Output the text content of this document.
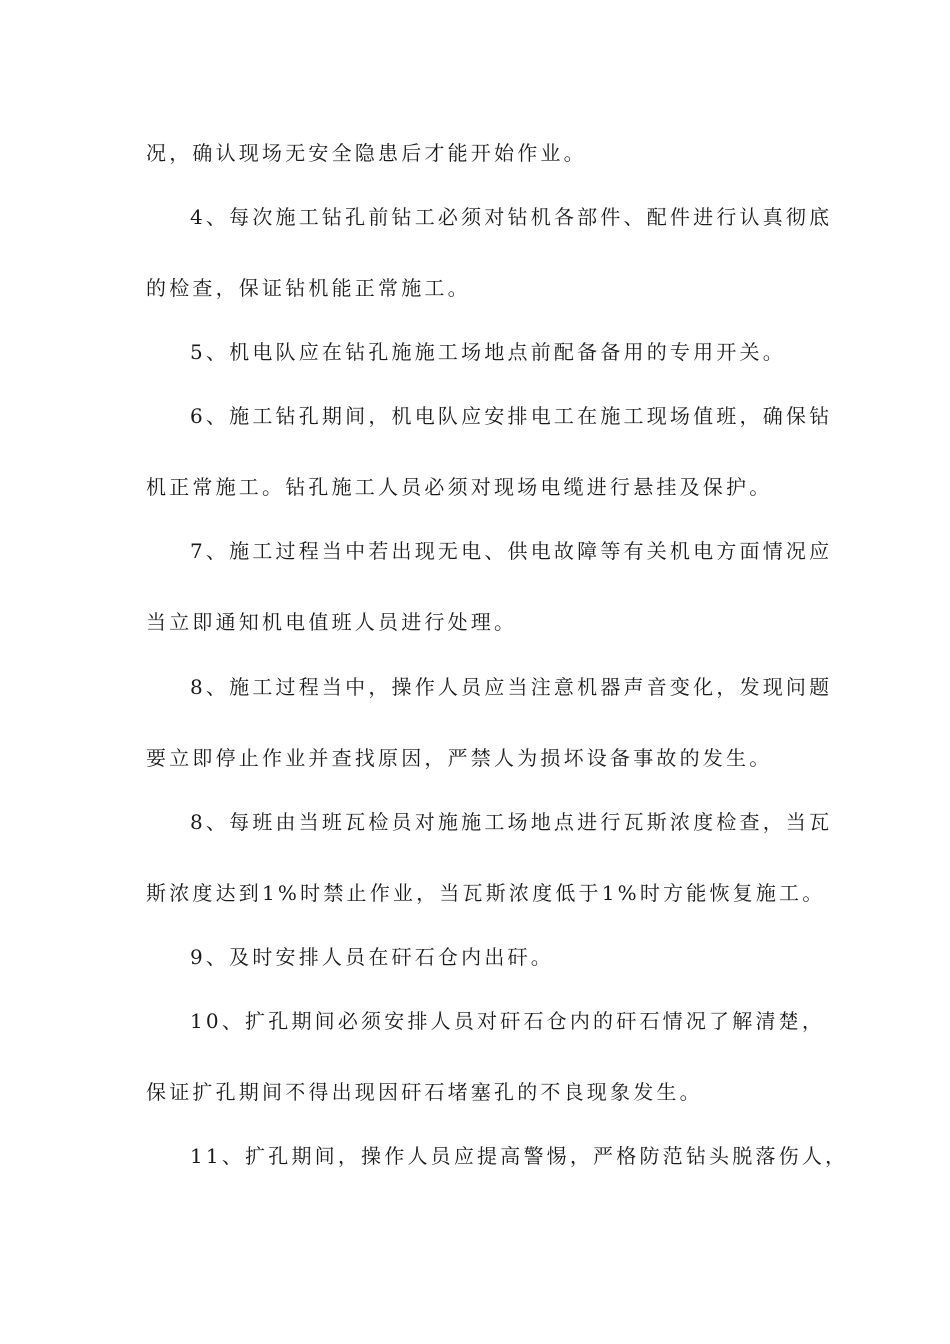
况，确认现场无安全隐患后才能开始作业。
4、每次施工钻孔前钻工必须对钻机各部件、配件进行认真彻底
的检查，保证钻机能正常施工。
5、机电队应在钻孔施施工场地点前配备备用的专用开关。
6、施工钻孔期间，机电队应安排电工在施工现场值班，确保钻
机正常施工。钻孔施工人员必须对现场电缆进行悬挂及保护。
7、施工过程当中若出现无电、供电故障等有关机电方面情况应
当立即通知机电值班人员进行处理。
8、施工过程当中，操作人员应当注意机器声音变化，发现问题
要立即停止作业并查找原因，严禁人为损坏设备事故的发生。
8、每班由当班瓦检员对施施工场地点进行瓦斯浓度检查，当瓦
斯浓度达到1%时禁止作业，当瓦斯浓度低于1%时方能恢复施工。
9、及时安排人员在矸石仓内出矸。
10、扩孔期间必须安排人员对矸石仓内的矸石情况了解清楚，
保证扩孔期间不得出现因矸石堵塞孔的不良现象发生。
11、扩孔期间，操作人员应提高警惕，严格防范钻头脱落伤人，
